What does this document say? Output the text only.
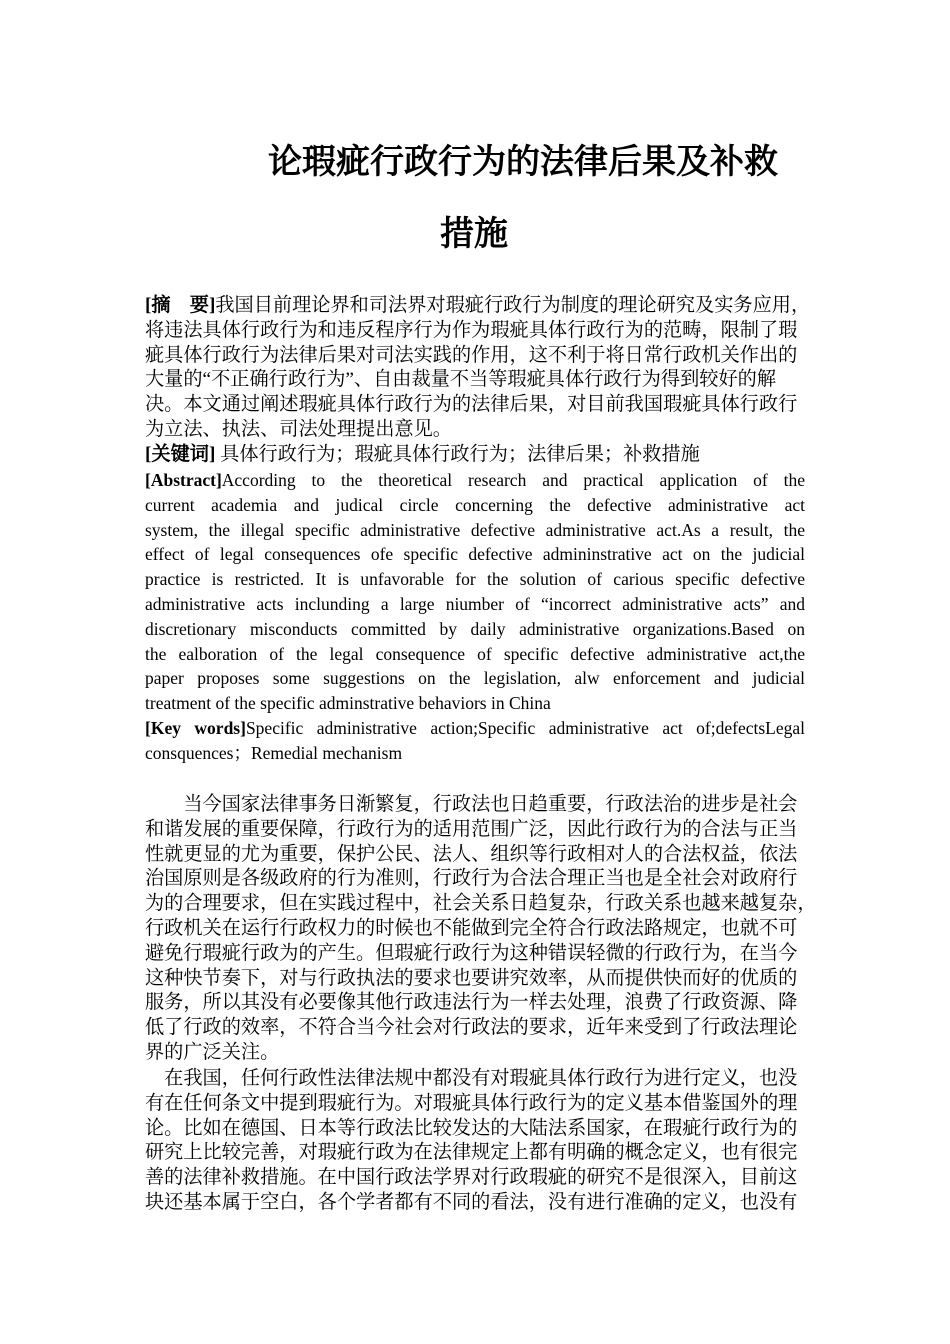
论瑕疵行政行为的法律后果及补救
措施
[摘　要]我国目前理论界和司法界对瑕疵行政行为制度的理论研究及实务应用，
将违法具体行政行为和违反程序行为作为瑕疵具体行政行为的范畴，限制了瑕
疵具体行政行为法律后果对司法实践的作用，这不利于将日常行政机关作出的
大量的“不正确行政行为”、自由裁量不当等瑕疵具体行政行为得到较好的解
决。本文通过阐述瑕疵具体行政行为的法律后果，对目前我国瑕疵具体行政行
为立法、执法、司法处理提出意见。
[关键词] 具体行政行为；瑕疵具体行政行为；法律后果；补救措施
[Abstract]According to the theoretical research and practical application of the
current academia and judical circle concerning the defective administrative act
system, the illegal specific administrative defective administrative act.As a result, the
effect of legal consequences ofe specific defective admininstrative act on the judicial
practice is restricted. It is unfavorable for the solution of carious specific defective
administrative acts inclunding a large niumber of “incorrect administrative acts” and
discretionary misconducts committed by daily administrative organizations.Based on
the ealboration of the legal consequence of specific defective administrative act,the
paper proposes some suggestions on the legislation, alw enforcement and judicial
treatment of the specific adminstrative behaviors in China
[Key words]Specific administrative action;Specific administrative act of;defectsLegal
consquences；Remedial mechanism
　　当今国家法律事务日渐繁复，行政法也日趋重要，行政法治的进步是社会
和谐发展的重要保障，行政行为的适用范围广泛，因此行政行为的合法与正当
性就更显的尤为重要，保护公民、法人、组织等行政相对人的合法权益，依法
治国原则是各级政府的行为准则，行政行为合法合理正当也是全社会对政府行
为的合理要求，但在实践过程中，社会关系日趋复杂，行政关系也越来越复杂，
行政机关在运行行政权力的时候也不能做到完全符合行政法路规定，也就不可
避免行瑕疵行政为的产生。但瑕疵行政行为这种错误轻微的行政行为，在当今
这种快节奏下，对与行政执法的要求也要讲究效率，从而提供快而好的优质的
服务，所以其没有必要像其他行政违法行为一样去处理，浪费了行政资源、降
低了行政的效率，不符合当今社会对行政法的要求，近年来受到了行政法理论
界的广泛关注。
　在我国，任何行政性法律法规中都没有对瑕疵具体行政行为进行定义，也没
有在任何条文中提到瑕疵行为。对瑕疵具体行政行为的定义基本借鉴国外的理
论。比如在德国、日本等行政法比较发达的大陆法系国家，在瑕疵行政行为的
研究上比较完善，对瑕疵行政为在法律规定上都有明确的概念定义，也有很完
善的法律补救措施。在中国行政法学界对行政瑕疵的研究不是很深入，目前这
块还基本属于空白，各个学者都有不同的看法，没有进行准确的定义，也没有
